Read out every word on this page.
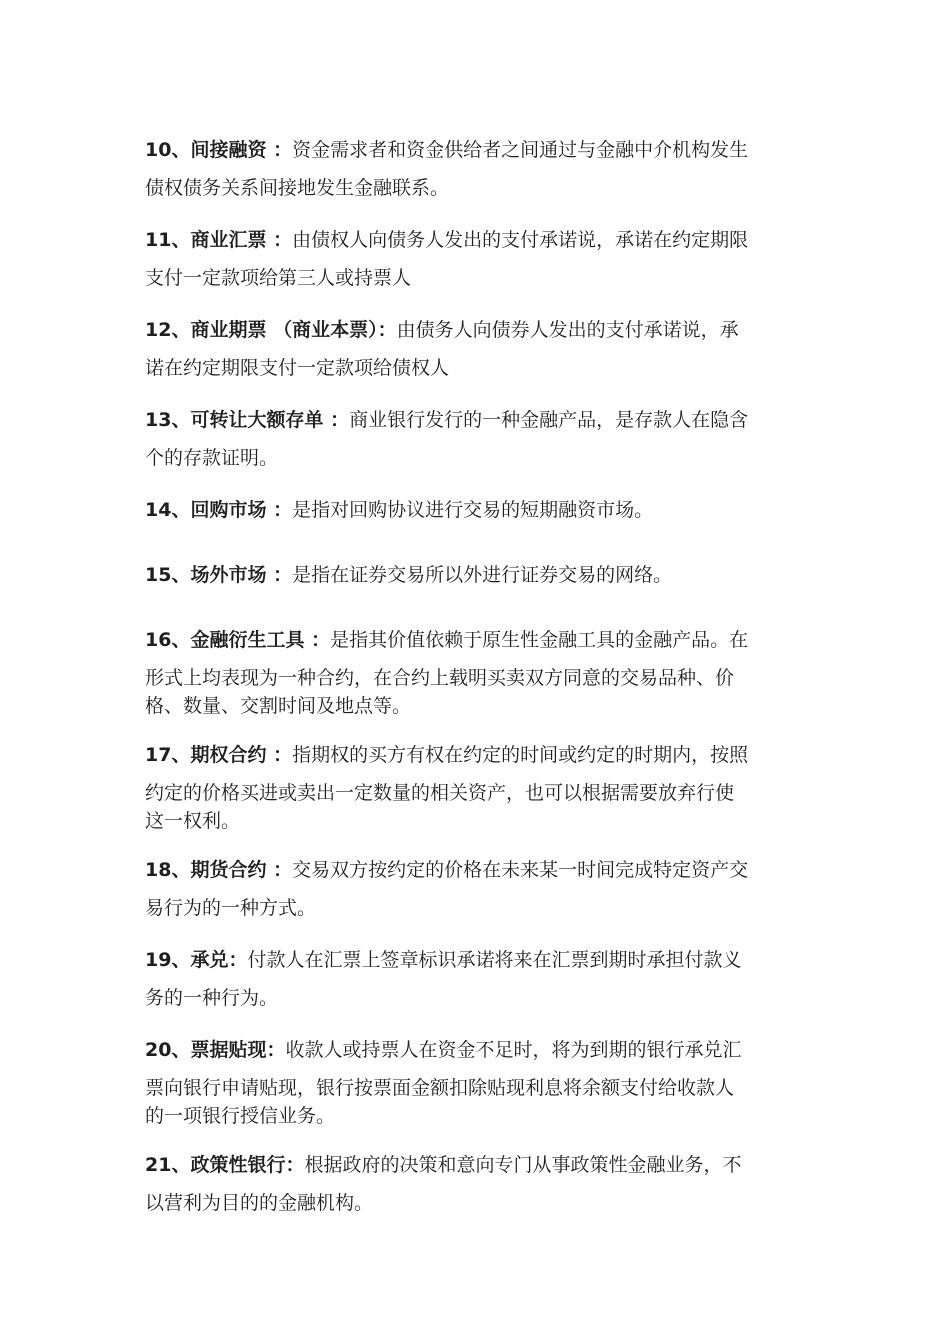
10、间接融资 ：资金需求者和资金供给者之间通过与金融中介机构发生
债权债务关系间接地发生金融联系。

11、商业汇票 ：由债权人向债务人发出的支付承诺说，承诺在约定期限
支付一定款项给第三人或持票人

12、商业期票 （商业本票）：由债务人向债券人发出的支付承诺说，承
诺在约定期限支付一定款项给债权人

13、可转让大额存单 ：商业银行发行的一种金融产品，是存款人在隐含
个的存款证明。

14、回购市场 ：是指对回购协议进行交易的短期融资市场。

15、场外市场 ：是指在证券交易所以外进行证券交易的网络。

16、金融衍生工具 ：是指其价值依赖于原生性金融工具的金融产品。在
形式上均表现为一种合约，在合约上载明买卖双方同意的交易品种、价
格、数量、交割时间及地点等。

17、期权合约 ：指期权的买方有权在约定的时间或约定的时期内，按照
约定的价格买进或卖出一定数量的相关资产，也可以根据需要放弃行使
这一权利。

18、期货合约 ：交易双方按约定的价格在未来某一时间完成特定资产交
易行为的一种方式。

19、承兑：付款人在汇票上签章标识承诺将来在汇票到期时承担付款义
务的一种行为。

20、票据贴现：收款人或持票人在资金不足时，将为到期的银行承兑汇
票向银行申请贴现，银行按票面金额扣除贴现利息将余额支付给收款人
的一项银行授信业务。

21、政策性银行：根据政府的决策和意向专门从事政策性金融业务，不
以营利为目的的金融机构。
